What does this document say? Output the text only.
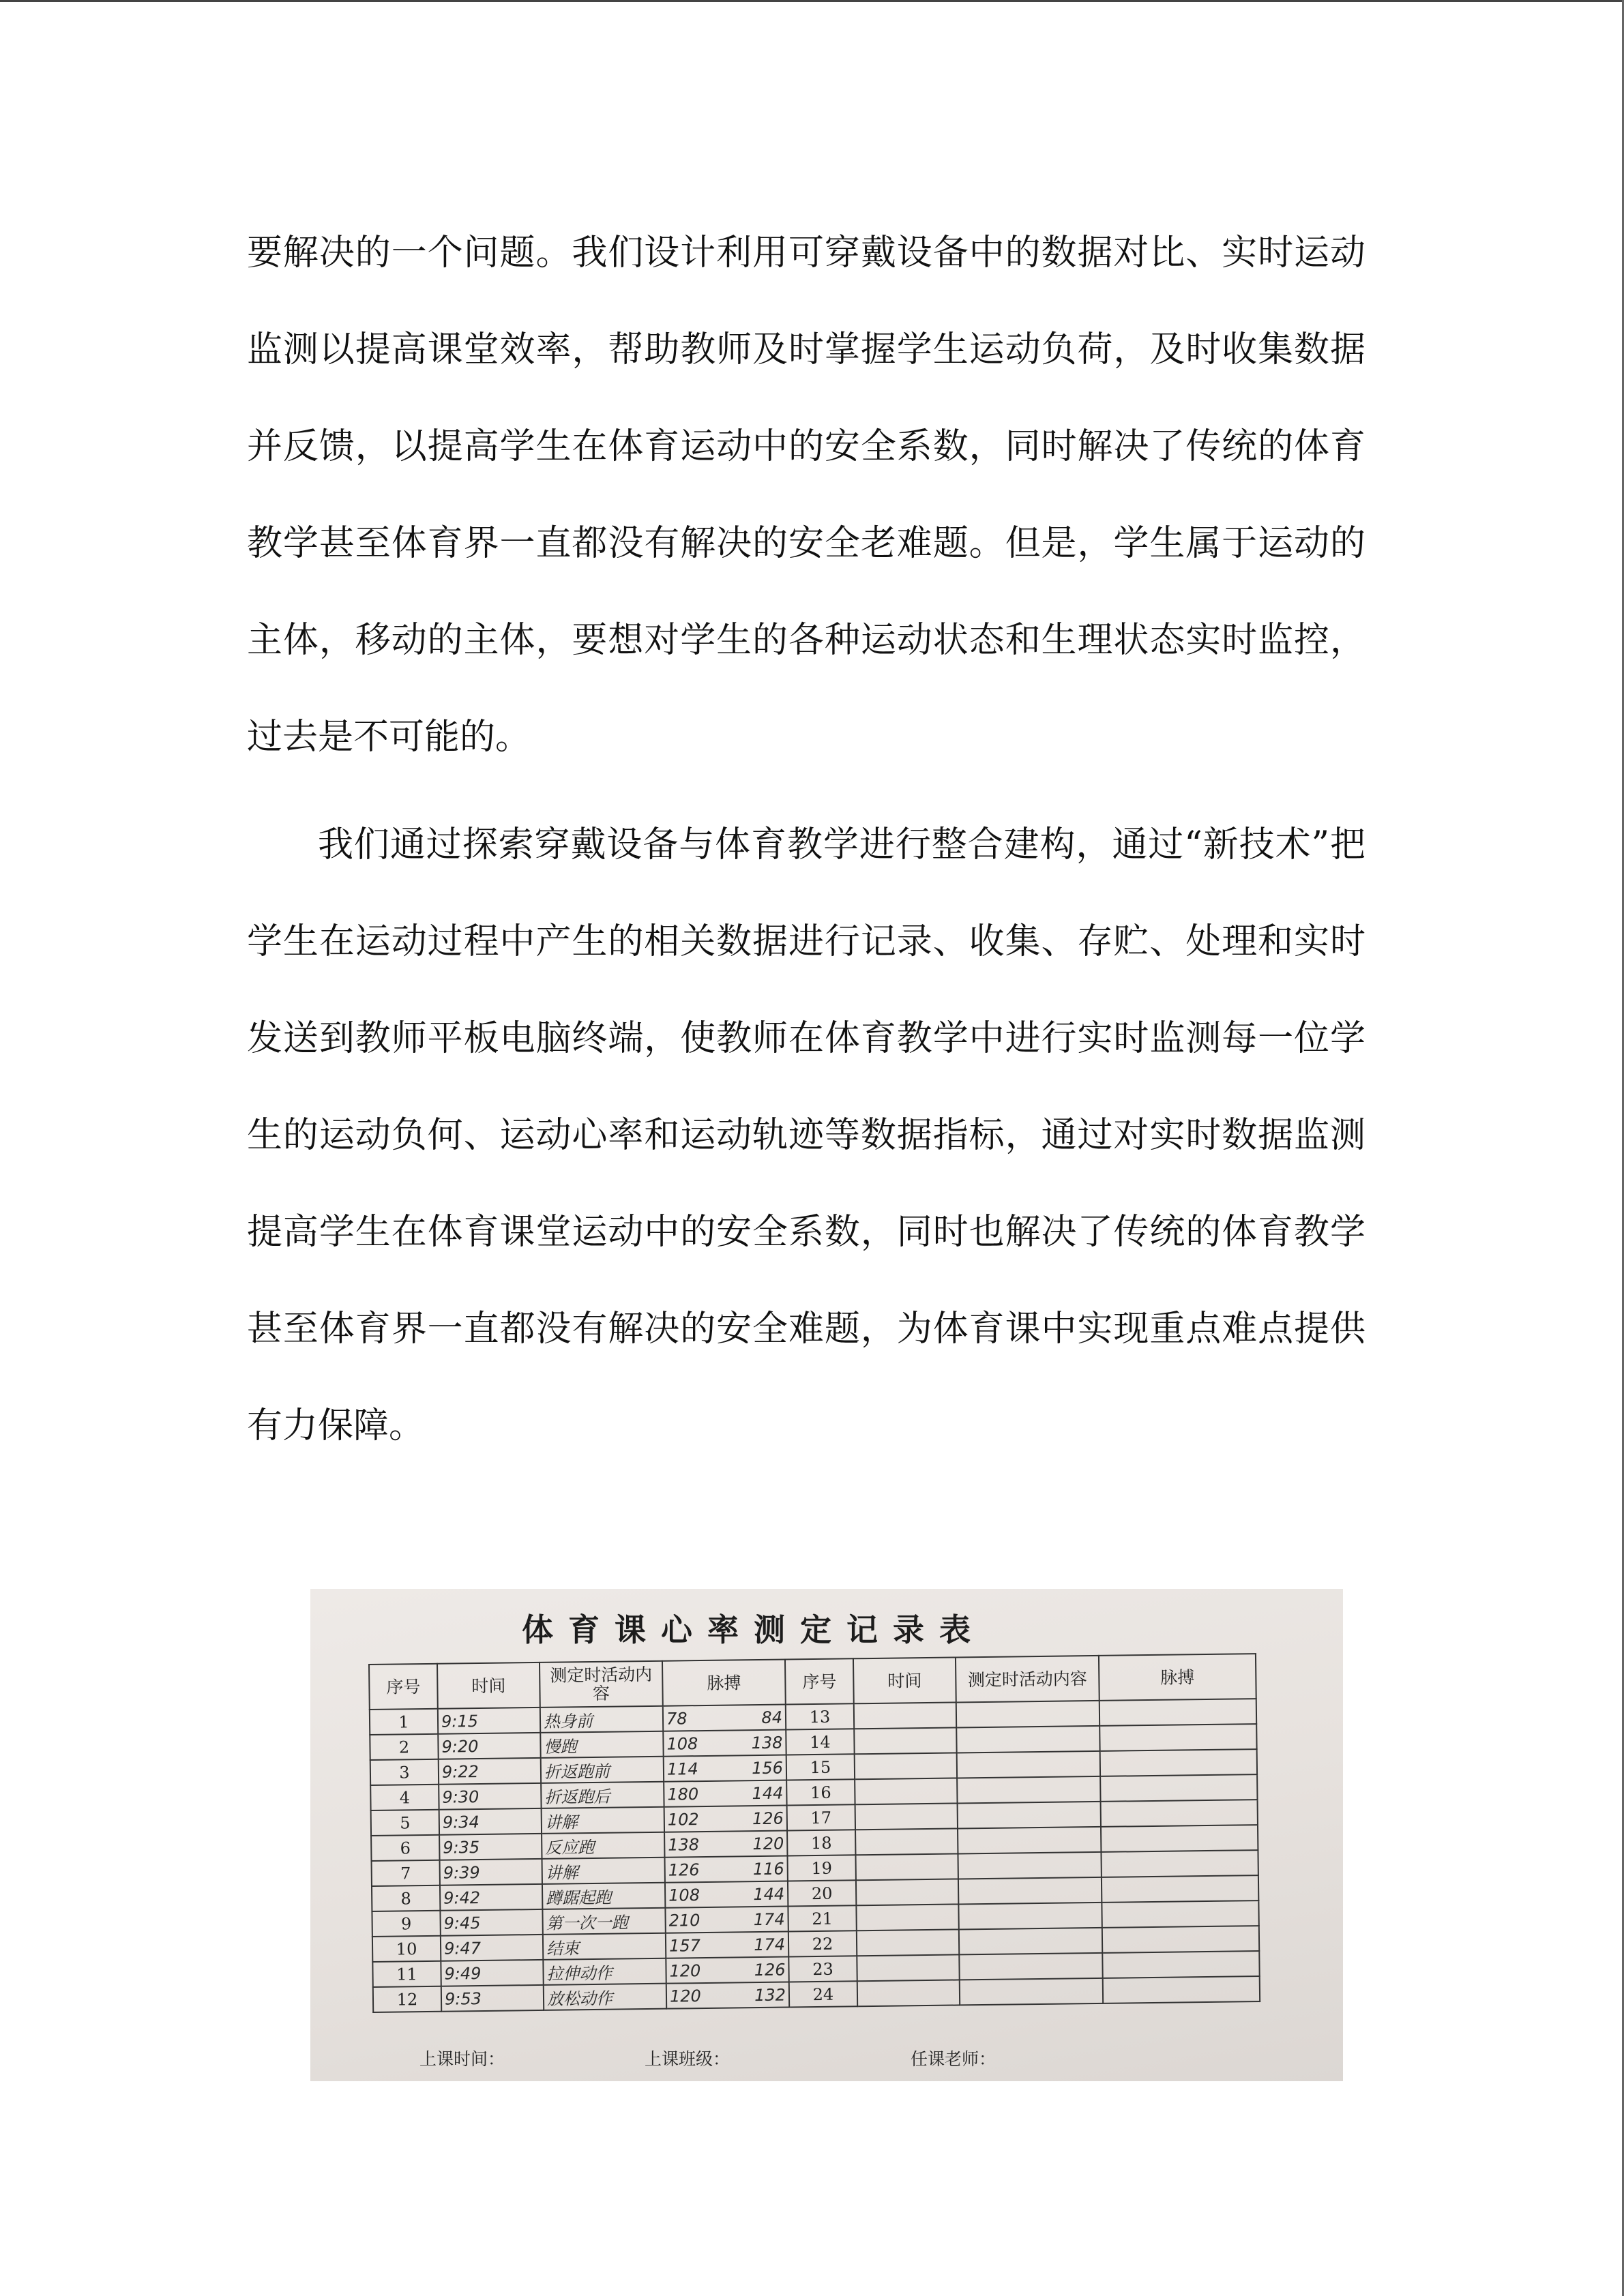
要解决的一个问题。我们设计利用可穿戴设备中的数据对比、实时运动监测以提高课堂效率，帮助教师及时掌握学生运动负荷，及时收集数据并反馈，以提高学生在体育运动中的安全系数，同时解决了传统的体育教学甚至体育界一直都没有解决的安全老难题。但是，学生属于运动的主体，移动的主体，要想对学生的各种运动状态和生理状态实时监控，过去是不可能的。

我们通过探索穿戴设备与体育教学进行整合建构，通过“新技术”把学生在运动过程中产生的相关数据进行记录、收集、存贮、处理和实时发送到教师平板电脑终端，使教师在体育教学中进行实时监测每一位学生的运动负何、运动心率和运动轨迹等数据指标，通过对实时数据监测提高学生在体育课堂运动中的安全系数，同时也解决了传统的体育教学甚至体育界一直都没有解决的安全难题，为体育课中实现重点难点提供有力保障。

体育课心率测定记录表
序号	时间	测定时活动内容	脉搏	序号	时间	测定时活动内容	脉搏
1	9:15	热身前	78 84	13			
2	9:20	慢跑	108 138	14			
3	9:22	折返跑前	114 156	15			
4	9:30	折返跑后	180 144	16			
5	9:34	讲解	102 126	17			
6	9:35	反应跑	138 120	18			
7	9:39	讲解	126 116	19			
8	9:42	蹲踞起跑	108 144	20			
9	9:45	第一次一跑	210 174	21			
10	9:47	结束	157 174	22			
11	9:49	拉伸动作	120 126	23			
12	9:53	放松动作	120 132	24			
上课时间：	上课班级：	任课老师：
